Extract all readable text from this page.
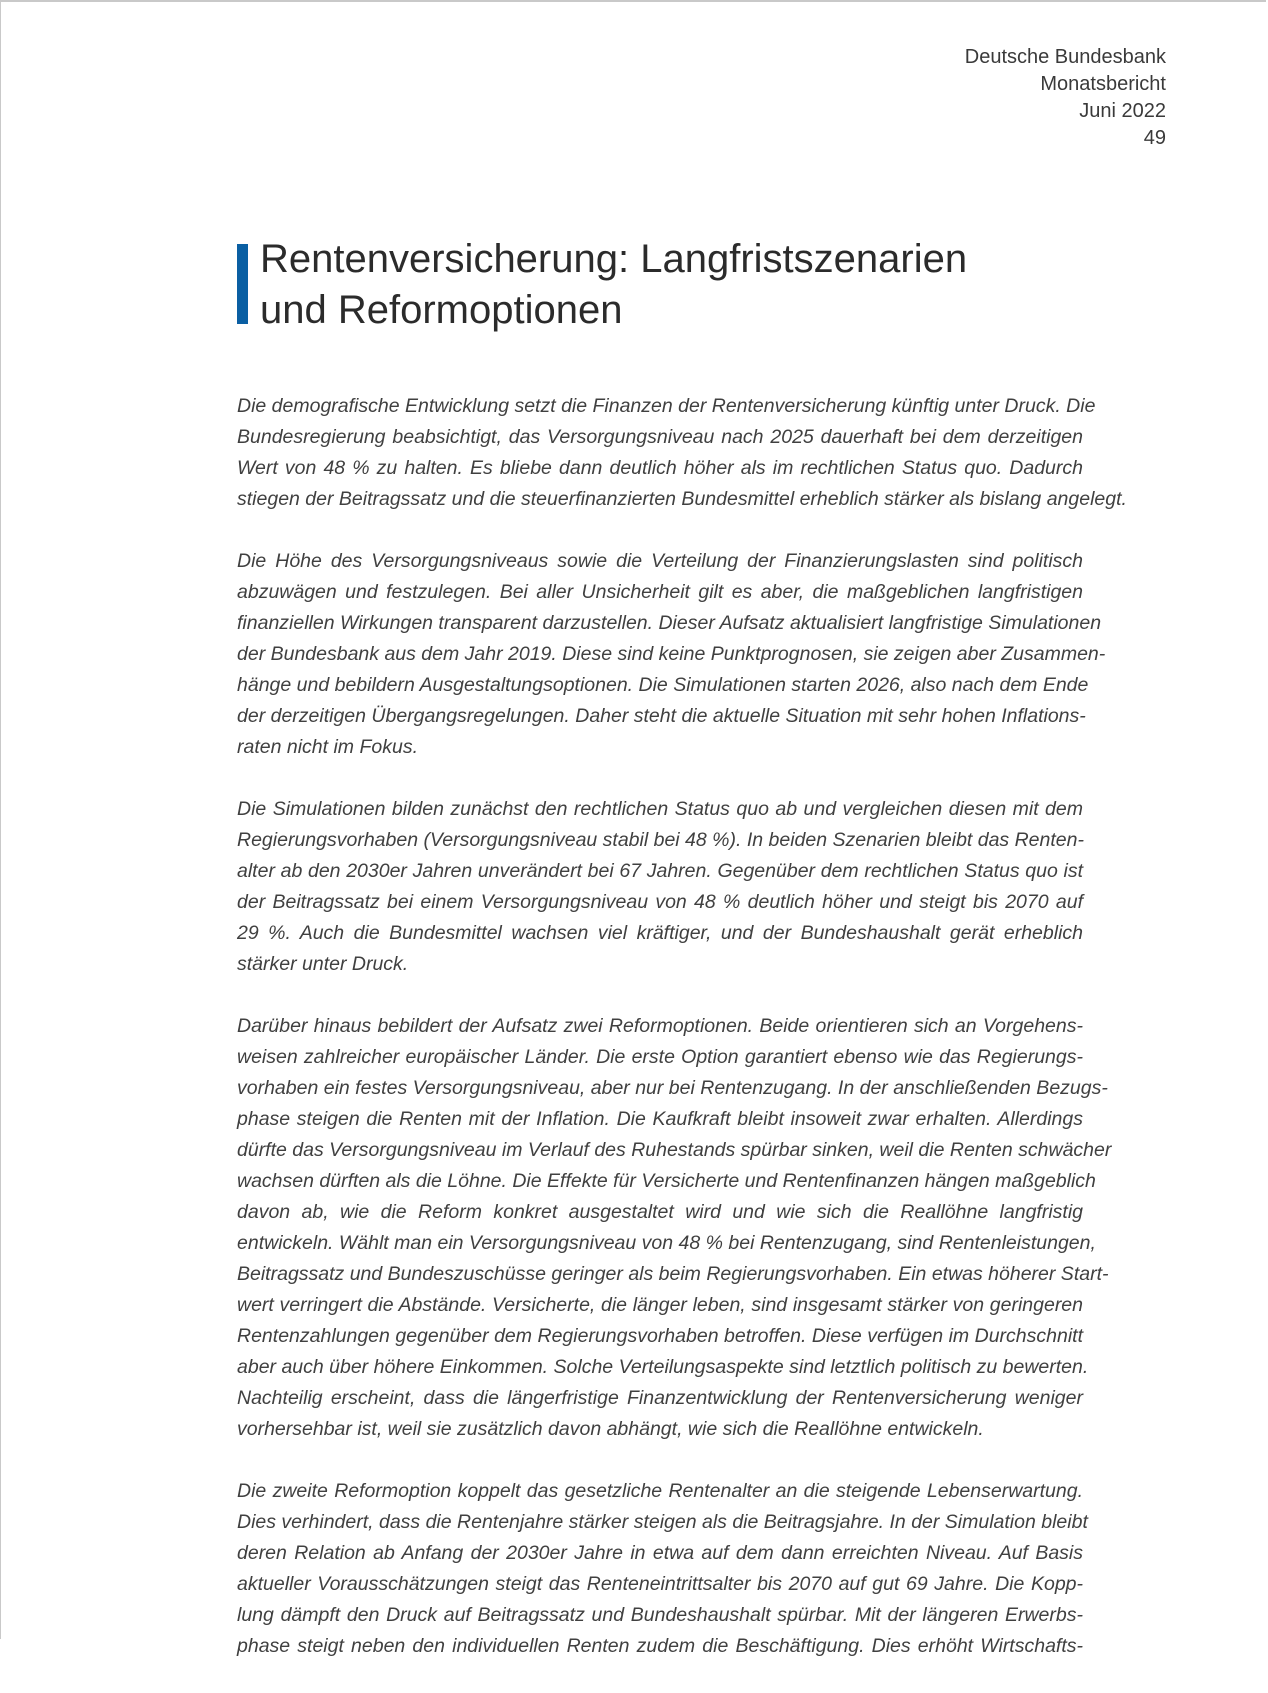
Deutsche Bundesbank
Monatsbericht
Juni 2022
49
Rentenversicherung: Langfristszenarien
und Reformoptionen

Die demografische Entwicklung setzt die Finanzen der Rentenversicherung künftig unter Druck. Die
Bundesregierung beabsichtigt, das Versorgungsniveau nach 2025 dauerhaft bei dem derzeitigen
Wert von 48 % zu halten. Es bliebe dann deutlich höher als im rechtlichen Status quo. Dadurch
stiegen der Beitragssatz und die steuerfinanzierten Bundesmittel erheblich stärker als bislang angelegt.

Die Höhe des Versorgungsniveaus sowie die Verteilung der Finanzierungslasten sind politisch
abzuwägen und festzulegen. Bei aller Unsicherheit gilt es aber, die maßgeblichen langfristigen
finanziellen Wirkungen transparent darzustellen. Dieser Aufsatz aktualisiert langfristige Simulationen
der Bundesbank aus dem Jahr 2019. Diese sind keine Punktprognosen, sie zeigen aber Zusammen-
hänge und bebildern Ausgestaltungsoptionen. Die Simulationen starten 2026, also nach dem Ende
der derzeitigen Übergangsregelungen. Daher steht die aktuelle Situation mit sehr hohen Inflations-
raten nicht im Fokus.

Die Simulationen bilden zunächst den rechtlichen Status quo ab und vergleichen diesen mit dem
Regierungsvorhaben (Versorgungsniveau stabil bei 48 %). In beiden Szenarien bleibt das Renten-
alter ab den 2030er Jahren unverändert bei 67 Jahren. Gegenüber dem rechtlichen Status quo ist
der Beitragssatz bei einem Versorgungsniveau von 48 % deutlich höher und steigt bis 2070 auf
29 %. Auch die Bundesmittel wachsen viel kräftiger, und der Bundeshaushalt gerät erheblich
stärker unter Druck.

Darüber hinaus bebildert der Aufsatz zwei Reformoptionen. Beide orientieren sich an Vorgehens-
weisen zahlreicher europäischer Länder. Die erste Option garantiert ebenso wie das Regierungs-
vorhaben ein festes Versorgungsniveau, aber nur bei Rentenzugang. In der anschließenden Bezugs-
phase steigen die Renten mit der Inflation. Die Kaufkraft bleibt insoweit zwar erhalten. Allerdings
dürfte das Versorgungsniveau im Verlauf des Ruhestands spürbar sinken, weil die Renten schwächer
wachsen dürften als die Löhne. Die Effekte für Versicherte und Rentenfinanzen hängen maßgeblich
davon ab, wie die Reform konkret ausgestaltet wird und wie sich die Reallöhne langfristig
entwickeln. Wählt man ein Versorgungsniveau von 48 % bei Rentenzugang, sind Rentenleistungen,
Beitragssatz und Bundeszuschüsse geringer als beim Regierungsvorhaben. Ein etwas höherer Start-
wert verringert die Abstände. Versicherte, die länger leben, sind insgesamt stärker von geringeren
Rentenzahlungen gegenüber dem Regierungsvorhaben betroffen. Diese verfügen im Durchschnitt
aber auch über höhere Einkommen. Solche Verteilungsaspekte sind letztlich politisch zu bewerten.
Nachteilig erscheint, dass die längerfristige Finanzentwicklung der Rentenversicherung weniger
vorhersehbar ist, weil sie zusätzlich davon abhängt, wie sich die Reallöhne entwickeln.

Die zweite Reformoption koppelt das gesetzliche Rentenalter an die steigende Lebenserwartung.
Dies verhindert, dass die Rentenjahre stärker steigen als die Beitragsjahre. In der Simulation bleibt
deren Relation ab Anfang der 2030er Jahre in etwa auf dem dann erreichten Niveau. Auf Basis
aktueller Vorausschätzungen steigt das Renteneintrittsalter bis 2070 auf gut 69 Jahre. Die Kopp-
lung dämpft den Druck auf Beitragssatz und Bundeshaushalt spürbar. Mit der längeren Erwerbs-
phase steigt neben den individuellen Renten zudem die Beschäftigung. Dies erhöht Wirtschafts-
